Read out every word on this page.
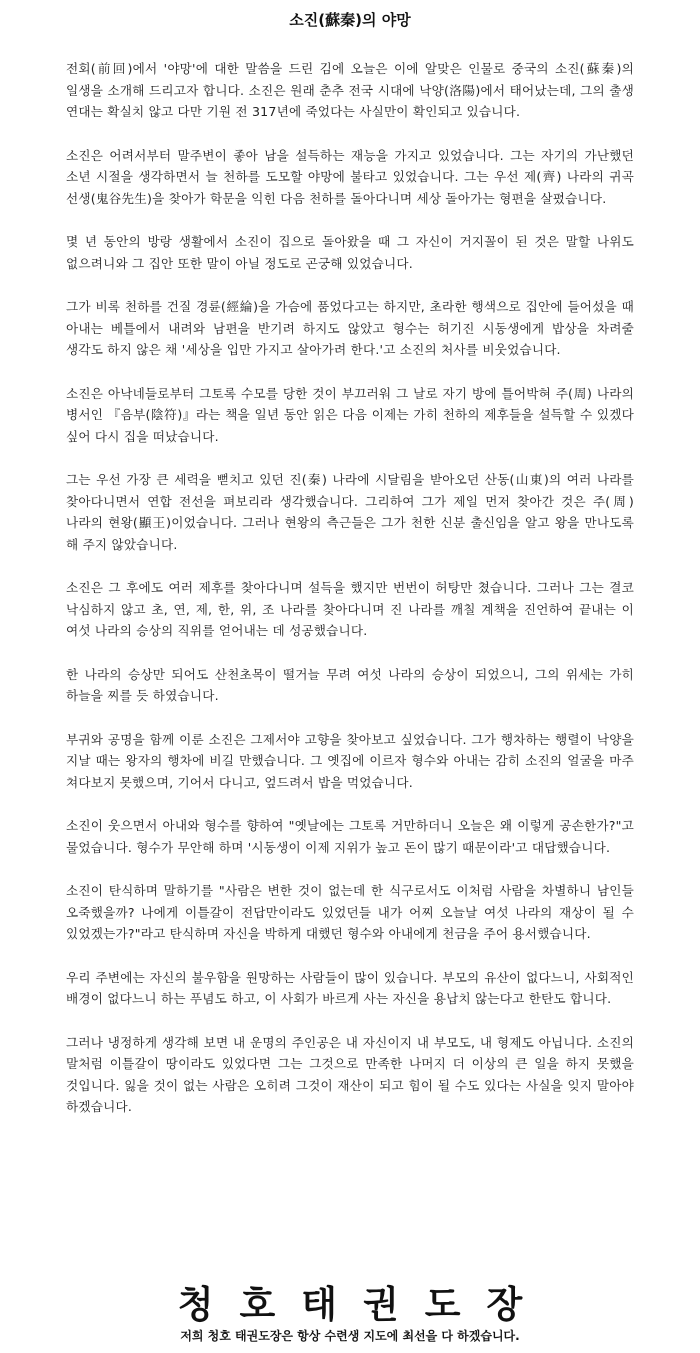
소진(蘇秦)의 야망

전회(前回)에서 '야망'에 대한 말씀을 드린 김에 오늘은 이에 알맞은 인물로 중국의 소진(蘇秦)의 일생을 소개해 드리고자 합니다. 소진은 원래 춘추 전국 시대에 낙양(洛陽)에서 태어났는데, 그의 출생 연대는 확실치 않고 다만 기원 전 317년에 죽었다는 사실만이 확인되고 있습니다.

소진은 어려서부터 말주변이 좋아 남을 설득하는 재능을 가지고 있었습니다. 그는 자기의 가난했던 소년 시절을 생각하면서 늘 천하를 도모할 야망에 불타고 있었습니다. 그는 우선 제(齊) 나라의 귀곡 선생(鬼谷先生)을 찾아가 학문을 익힌 다음 천하를 돌아다니며 세상 돌아가는 형편을 살폈습니다.

몇 년 동안의 방랑 생활에서 소진이 집으로 돌아왔을 때 그 자신이 거지꼴이 된 것은 말할 나위도 없으려니와 그 집안 또한 말이 아닐 정도로 곤궁해 있었습니다.

그가 비록 천하를 건질 경륜(經綸)을 가슴에 품었다고는 하지만, 초라한 행색으로 집안에 들어섰을 때 아내는 베틀에서 내려와 남편을 반기려 하지도 않았고 형수는 허기진 시동생에게 밥상을 차려줄 생각도 하지 않은 채 '세상을 입만 가지고 살아가려 한다.'고 소진의 처사를 비웃었습니다.

소진은 아낙네들로부터 그토록 수모를 당한 것이 부끄러워 그 날로 자기 방에 틀어박혀 주(周) 나라의 병서인 『음부(陰符)』라는 책을 일년 동안 읽은 다음 이제는 가히 천하의 제후들을 설득할 수 있겠다 싶어 다시 집을 떠났습니다.

그는 우선 가장 큰 세력을 뻗치고 있던 진(秦) 나라에 시달림을 받아오던 산동(山東)의 여러 나라를 찾아다니면서 연합 전선을 펴보리라 생각했습니다. 그리하여 그가 제일 먼저 찾아간 것은 주(周) 나라의 현왕(顯王)이었습니다. 그러나 현왕의 측근들은 그가 천한 신분 출신임을 알고 왕을 만나도록 해 주지 않았습니다.

소진은 그 후에도 여러 제후를 찾아다니며 설득을 했지만 번번이 허탕만 쳤습니다. 그러나 그는 결코 낙심하지 않고 초, 연, 제, 한, 위, 조 나라를 찾아다니며 진 나라를 깨칠 계책을 진언하여 끝내는 이 여섯 나라의 승상의 직위를 얻어내는 데 성공했습니다.

한 나라의 승상만 되어도 산천초목이 떨거늘 무려 여섯 나라의 승상이 되었으니, 그의 위세는 가히 하늘을 찌를 듯 하였습니다.

부귀와 공명을 함께 이룬 소진은 그제서야 고향을 찾아보고 싶었습니다. 그가 행차하는 행렬이 낙양을 지날 때는 왕자의 행차에 비길 만했습니다. 그 옛집에 이르자 형수와 아내는 감히 소진의 얼굴을 마주 쳐다보지 못했으며, 기어서 다니고, 엎드려서 밥을 먹었습니다.

소진이 웃으면서 아내와 형수를 향하여 "옛날에는 그토록 거만하더니 오늘은 왜 이렇게 공손한가?"고 물었습니다. 형수가 무안해 하며 '시동생이 이제 지위가 높고 돈이 많기 때문이라'고 대답했습니다.

소진이 탄식하며 말하기를 "사람은 변한 것이 없는데 한 식구로서도 이처럼 사람을 차별하니 남인들 오죽했을까? 나에게 이틀갈이 전답만이라도 있었던들 내가 어찌 오늘날 여섯 나라의 재상이 될 수 있었겠는가?"라고 탄식하며 자신을 박하게 대했던 형수와 아내에게 천금을 주어 용서했습니다.

우리 주변에는 자신의 불우함을 원망하는 사람들이 많이 있습니다. 부모의 유산이 없다느니, 사회적인 배경이 없다느니 하는 푸념도 하고, 이 사회가 바르게 사는 자신을 용납치 않는다고 한탄도 합니다.

그러나 냉정하게 생각해 보면 내 운명의 주인공은 내 자신이지 내 부모도, 내 형제도 아닙니다. 소진의 말처럼 이틀갈이 땅이라도 있었다면 그는 그것으로 만족한 나머지 더 이상의 큰 일을 하지 못했을 것입니다. 잃을 것이 없는 사람은 오히려 그것이 재산이 되고 힘이 될 수도 있다는 사실을 잊지 말아야 하겠습니다.

청호태권도장
저희 청호 태권도장은 항상 수련생 지도에 최선을 다 하겠습니다.
